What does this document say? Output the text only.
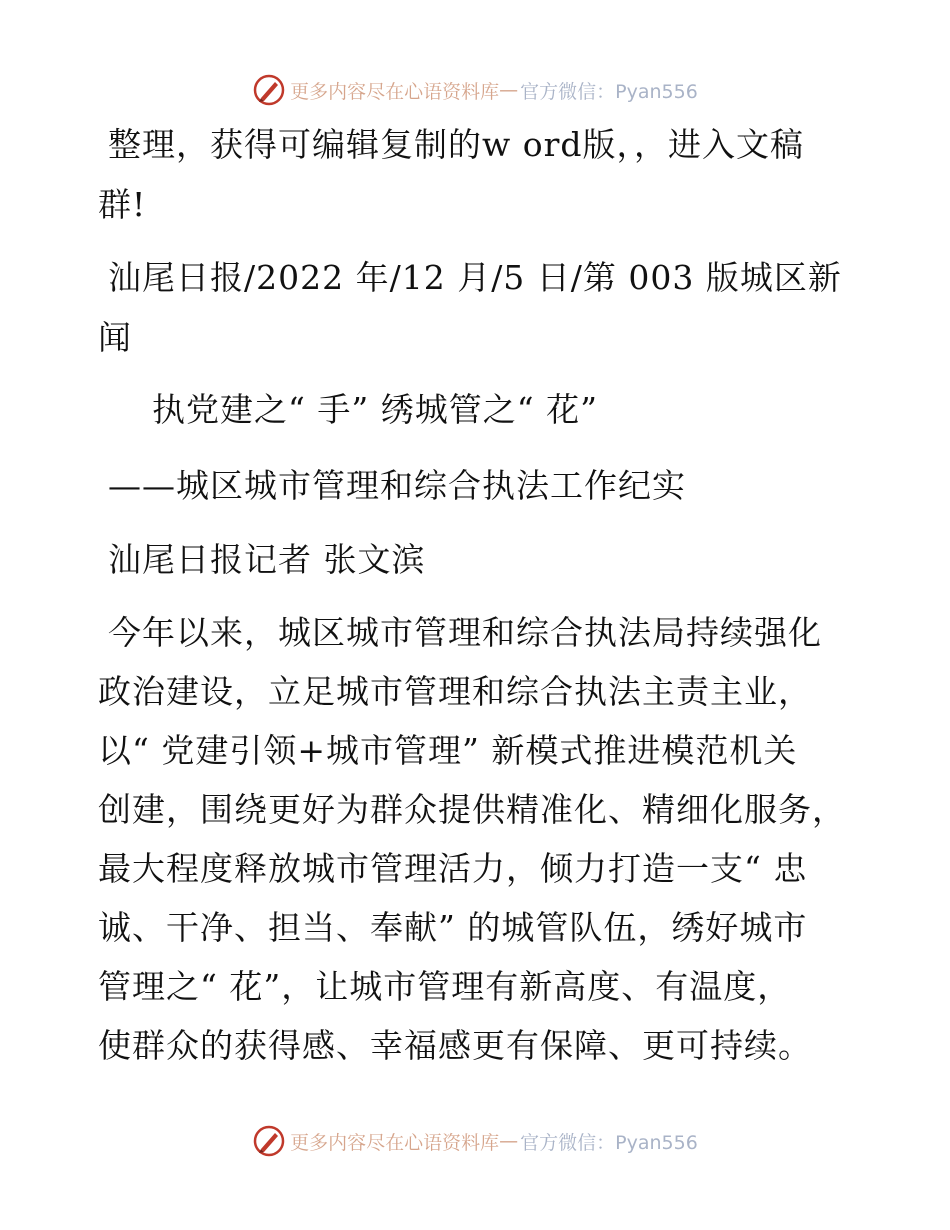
更多内容尽在心语资料库 — 官方微信：Pyan556

整理，获得可编辑复制的w ord版，，进入文稿

群!

汕尾日报/2022 年/12 月/5 日/第 003 版城区新

闻

执党建之“ 手” 绣城管之“ 花”

——城区城市管理和综合执法工作纪实

汕尾日报记者 张文滨

今年以来，城区城市管理和综合执法局持续强化

政治建设，立足城市管理和综合执法主责主业，

以“ 党建引领+城市管理” 新模式推进模范机关

创建，围绕更好为群众提供精准化、精细化服务，

最大程度释放城市管理活力，倾力打造一支“ 忠

诚、干净、担当、奉献” 的城管队伍，绣好城市

管理之“ 花”，让城市管理有新高度、有温度，

使群众的获得感、幸福感更有保障、更可持续。

更多内容尽在心语资料库 — 官方微信：Pyan556
